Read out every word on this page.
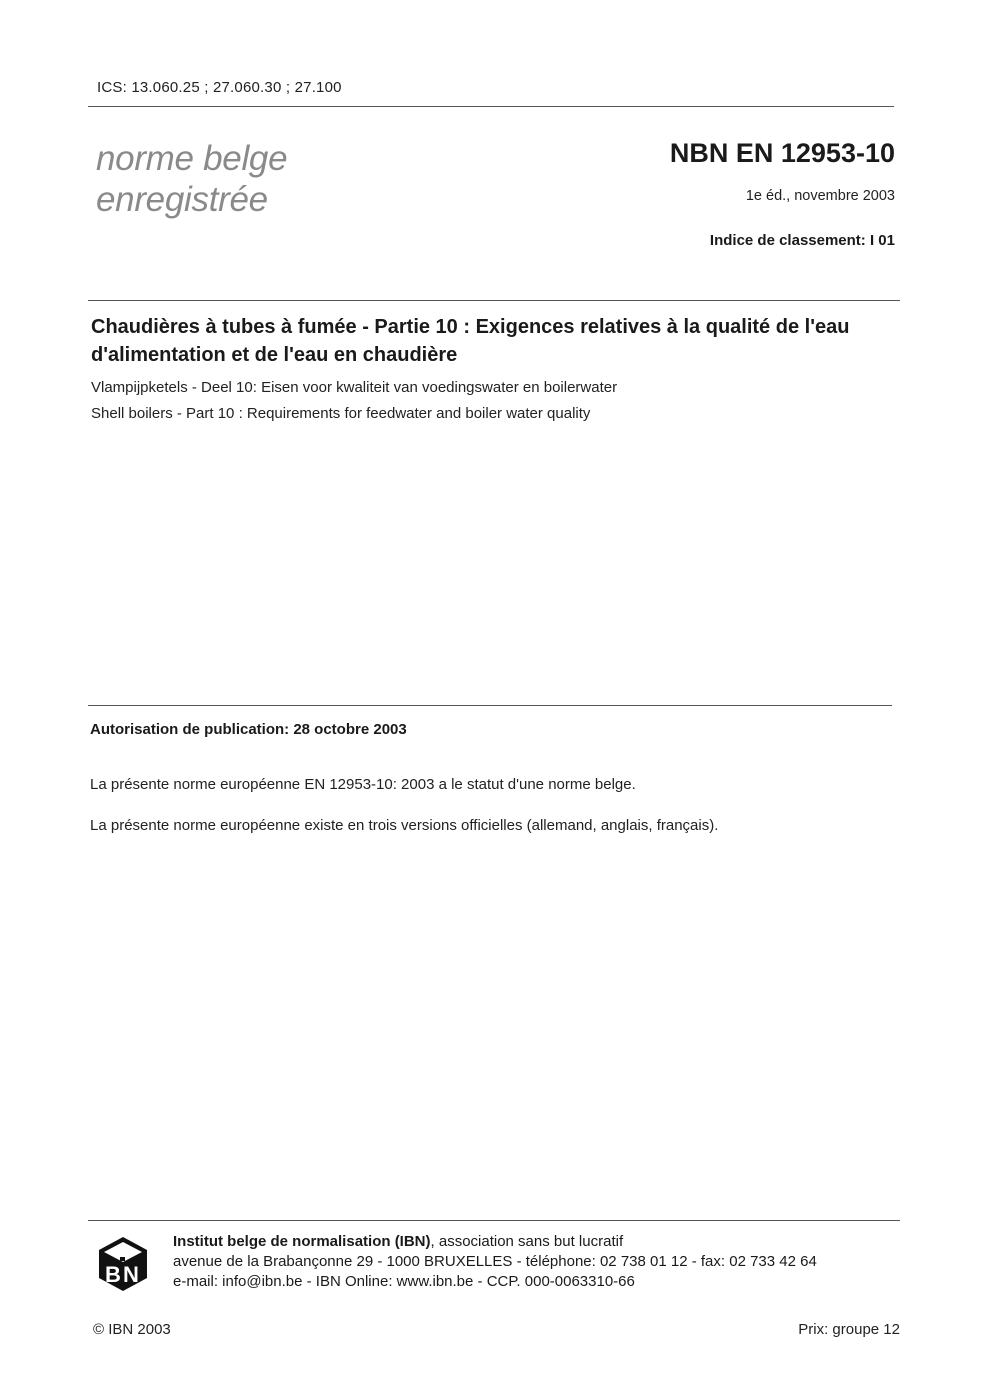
ICS: 13.060.25 ; 27.060.30 ; 27.100
norme belge
enregistrée
NBN EN 12953-10
1e éd., novembre 2003
Indice de classement: I 01
Chaudières à tubes à fumée - Partie 10 : Exigences relatives à la qualité de l'eau d'alimentation et de l'eau en chaudière
Vlampijpketels - Deel 10: Eisen voor kwaliteit van voedingswater en boilerwater
Shell boilers - Part 10 : Requirements for feedwater and boiler water quality
Autorisation de publication: 28 octobre 2003
La présente norme européenne EN 12953-10: 2003 a le statut d'une norme belge.
La présente norme européenne existe en trois versions officielles (allemand, anglais, français).
B N
Institut belge de normalisation (IBN), association sans but lucratif
avenue de la Brabançonne 29 - 1000 BRUXELLES - téléphone: 02 738 01 12 - fax: 02 733 42 64
e-mail: info@ibn.be - IBN Online: www.ibn.be - CCP. 000-0063310-66
© IBN 2003	Prix: groupe 12
